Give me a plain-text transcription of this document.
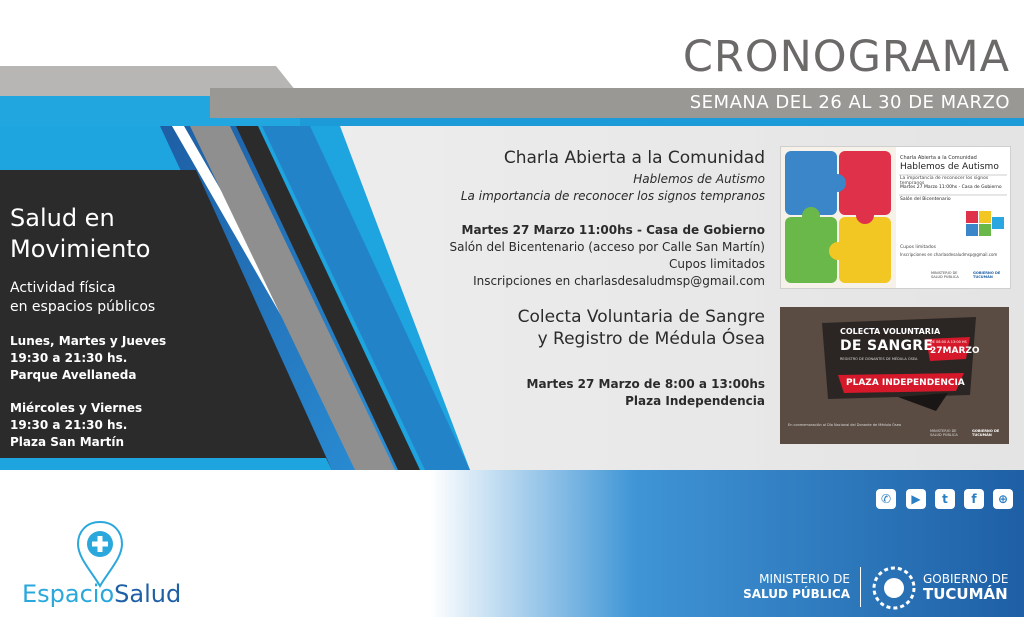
CRONOGRAMA
SEMANA DEL 26 AL 30 DE MARZO
Salud en
Movimiento
Actividad física
en espacios públicos
Lunes, Martes y Jueves
19:30 a 21:30 hs.
Parque Avellaneda
Miércoles y Viernes
19:30 a 21:30 hs.
Plaza San Martín
Charla Abierta a la Comunidad
Hablemos de Autismo
La importancia de reconocer los signos tempranos
Martes 27 Marzo 11:00hs - Casa de Gobierno
Salón del Bicentenario (acceso por Calle San Martín)
Cupos limitados
Inscripciones en charlasdesaludmsp@gmail.com
Colecta Voluntaria de Sangre
y Registro de Médula Ósea
Martes 27 Marzo de 8:00 a 13:00hs
Plaza Independencia
Charla Abierta a la Comunidad
Hablemos de Autismo
La importancia de reconocer los signos tempranos
Martes 27 Marzo 11:00hs - Casa de Gobierno
Salón del Bicentenario
Cupos limitados
Inscripciones en charlasdesaludmsp@gmail.com
MINISTERIO DE SALUD PÚBLICA
GOBIERNO DE TUCUMÁN
COLECTA VOLUNTARIA
DE SANGRE
REGISTRO DE DONANTES DE MÉDULA ÓSEA
DE 08:00 A 13:00 HS
27MARZO
PLAZA INDEPENDENCIA
En conmemoración al Día Nacional del Donante de Médula Ósea
MINISTERIO DE SALUD PÚBLICA
GOBIERNO DE TUCUMÁN
✆	▶	t	f	⊕
EspacioSalud
MINISTERIO DE
SALUD PÚBLICA
GOBIERNO DE
TUCUMÁN
